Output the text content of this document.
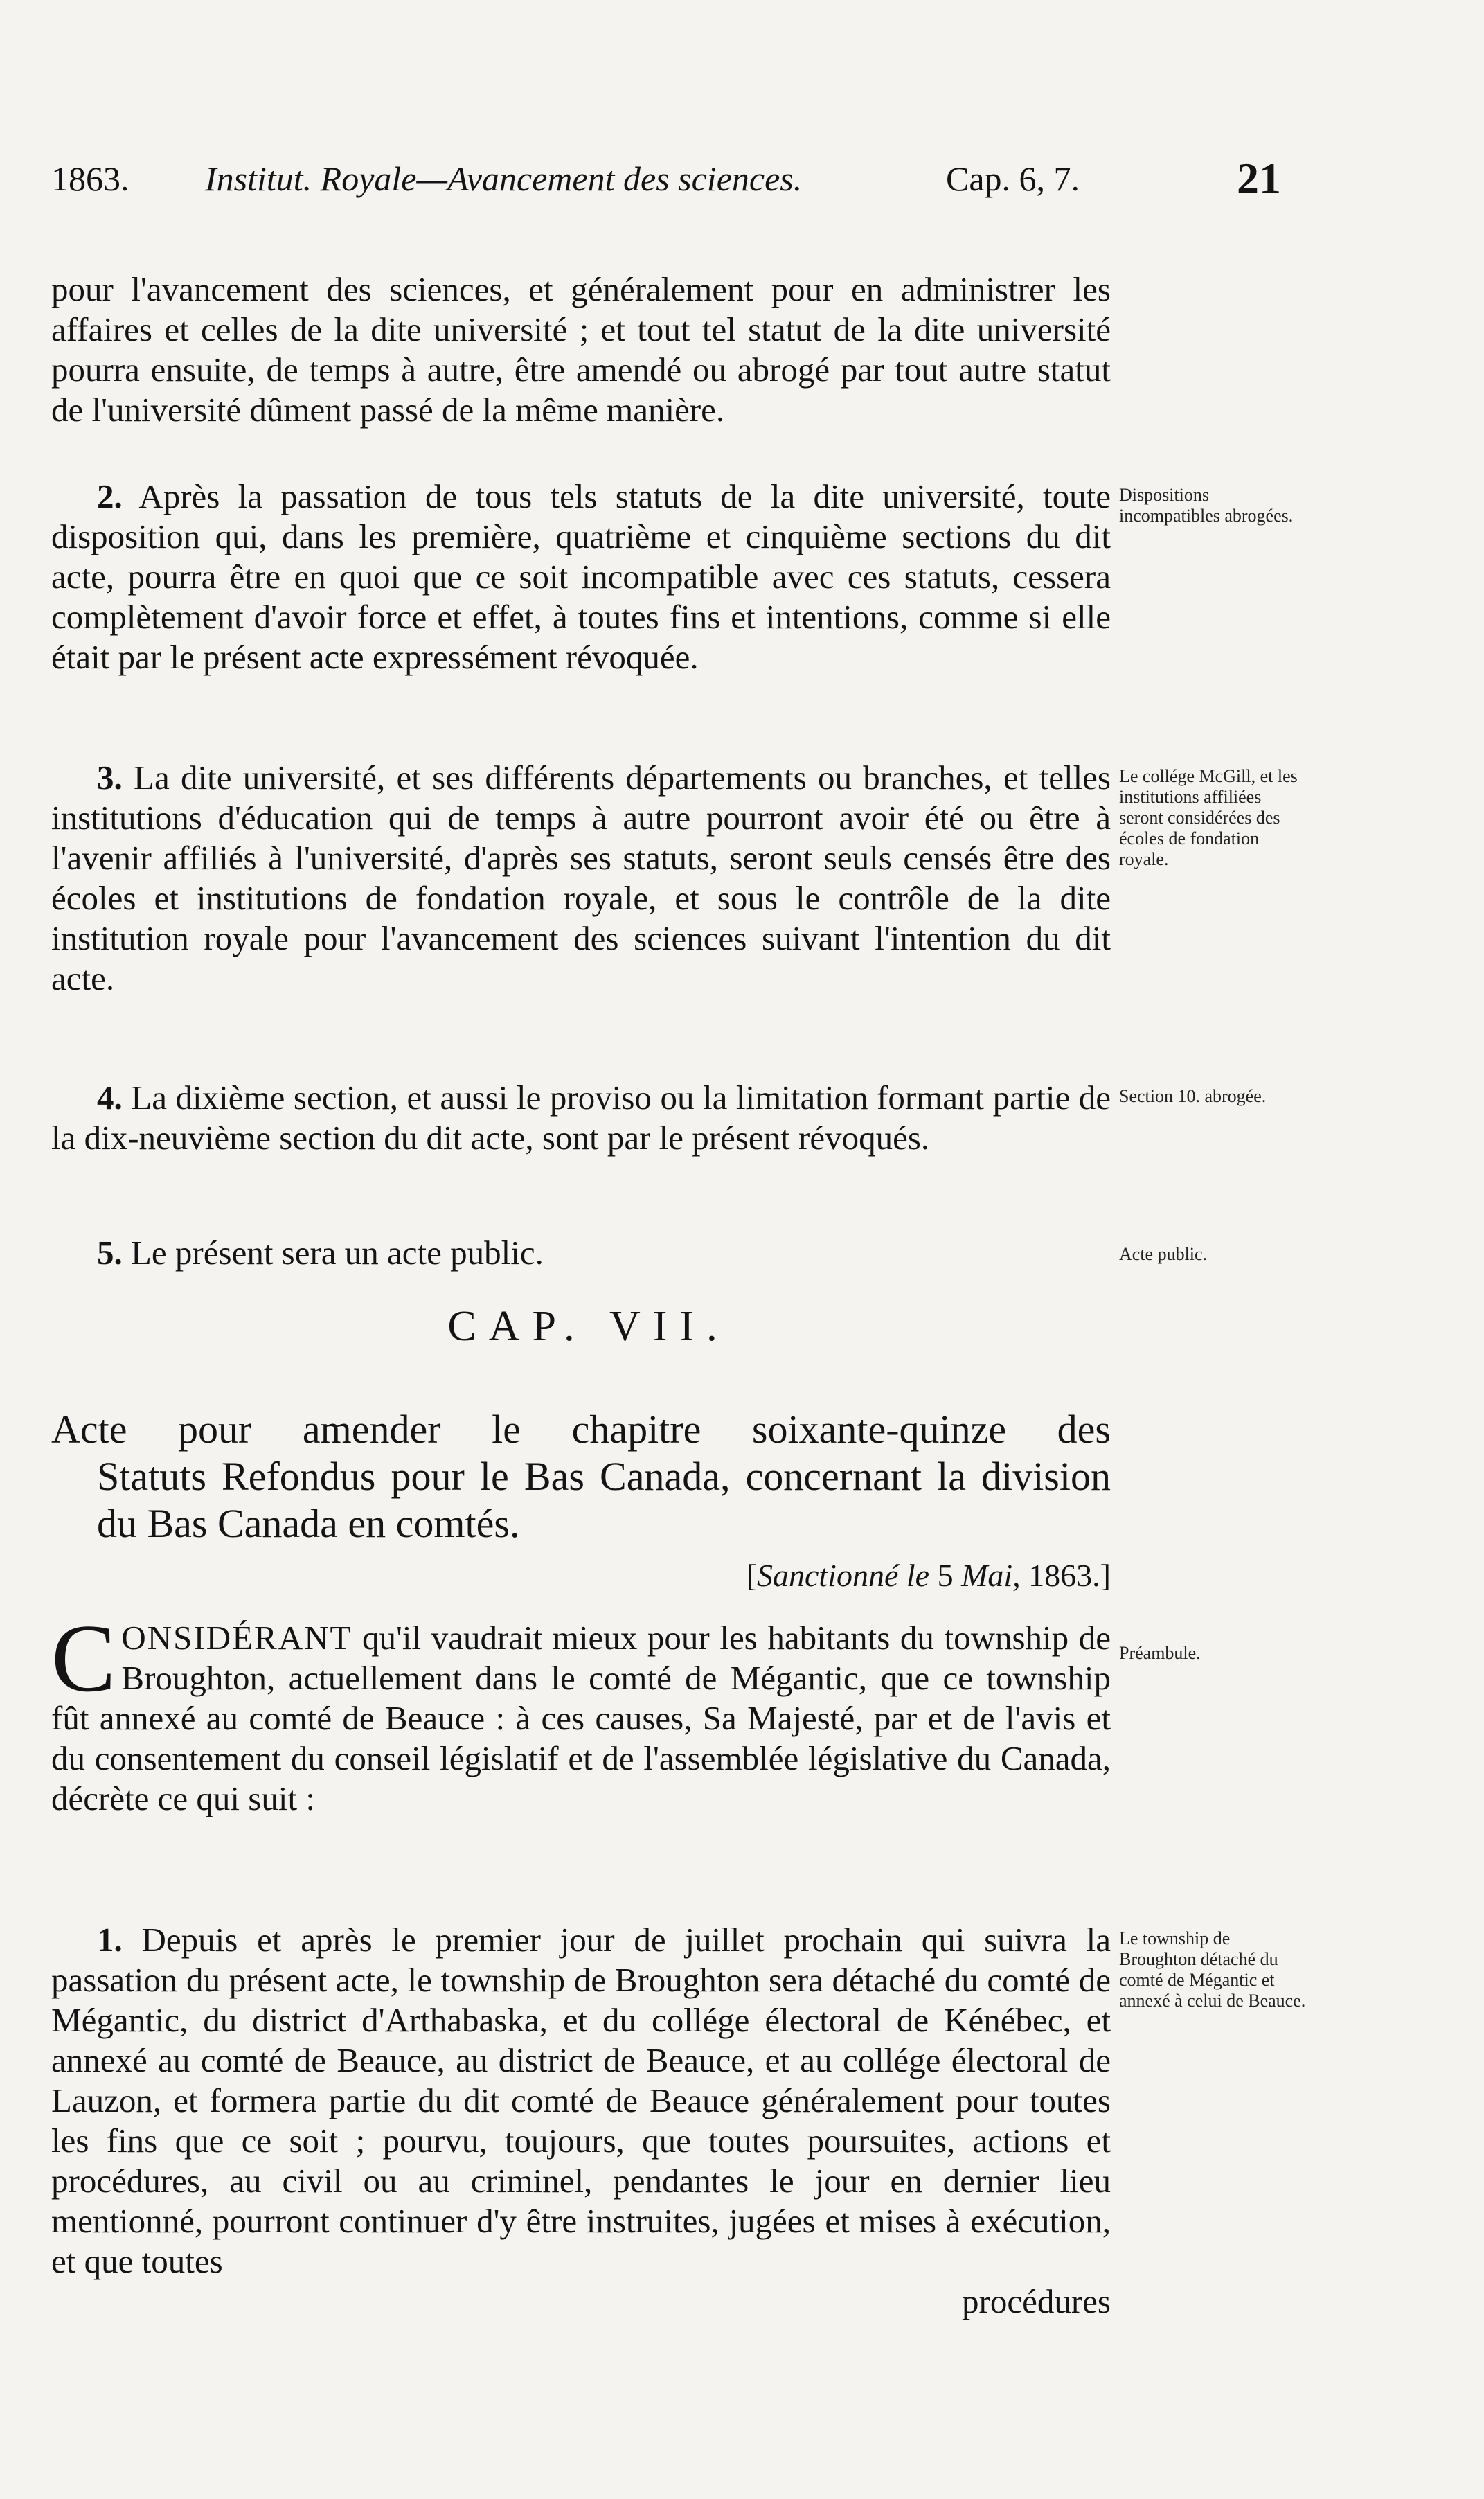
1863. Institut. Royale—Avancement des sciences.	Cap. 6, 7.	21

pour l'avancement des sciences, et généralement pour en administrer les affaires et celles de la dite université ; et tout tel statut de la dite université pourra ensuite, de temps à autre, être amendé ou abrogé par tout autre statut de l'université dûment passé de la même manière.

2. Après la passation de tous tels statuts de la dite université, toute disposition qui, dans les première, quatrième et cinquième sections du dit acte, pourra être en quoi que ce soit incompatible avec ces statuts, cessera complètement d'avoir force et effet, à toutes fins et intentions, comme si elle était par le présent acte expressément révoquée.

Dispositions incompatibles abrogées.

3. La dite université, et ses différents départements ou branches, et telles institutions d'éducation qui de temps à autre pourront avoir été ou être à l'avenir affiliés à l'université, d'après ses statuts, seront seuls censés être des écoles et institutions de fondation royale, et sous le contrôle de la dite institution royale pour l'avancement des sciences suivant l'intention du dit acte.

Le collége McGill, et les institutions affiliées seront considérées des écoles de fondation royale.

4. La dixième section, et aussi le proviso ou la limitation formant partie de la dix-neuvième section du dit acte, sont par le présent révoqués.

Section 10. abrogée.

5. Le présent sera un acte public.	Acte public.
CAP. VII.
Acte pour amender le chapitre soixante-quinze des
Statuts Refondus pour le Bas Canada, concernant la division du Bas Canada en comtés.
[Sanctionné le 5 Mai, 1863.]
CONSIDÉRANT qu'il vaudrait mieux pour les habitants du township de Broughton, actuellement dans le comté de Mégantic, que ce township fût annexé au comté de Beauce : à ces causes, Sa Majesté, par et de l'avis et du consentement du conseil législatif et de l'assemblée législative du Canada, décrète ce qui suit :
Préambule.

1. Depuis et après le premier jour de juillet prochain qui suivra la passation du présent acte, le township de Broughton sera détaché du comté de Mégantic, du district d'Arthabaska, et du collége électoral de Kénébec, et annexé au comté de Beauce, au district de Beauce, et au collége électoral de Lauzon, et formera partie du dit comté de Beauce généralement pour toutes les fins que ce soit ; pourvu, toujours, que toutes poursuites, actions et procédures, au civil ou au criminel, pendantes le jour en dernier lieu mentionné, pourront continuer d'y être instruites, jugées et mises à exécution, et que toutes

procédures

Le township de Broughton détaché du comté de Mégantic et annexé à celui de Beauce.
